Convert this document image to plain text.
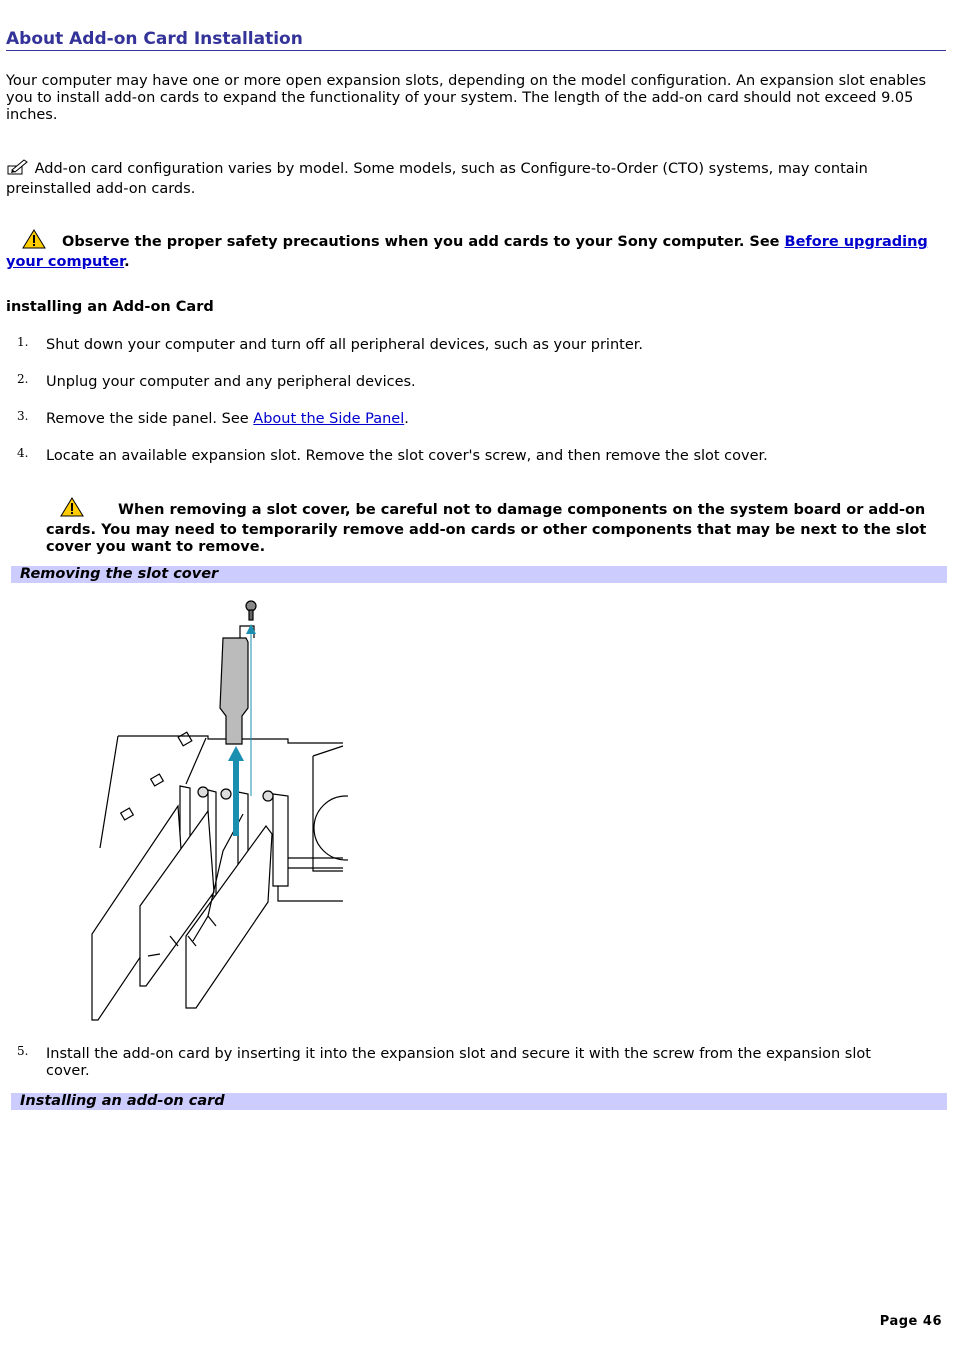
About Add-on Card Installation

Your computer may have one or more open expansion slots, depending on the model configuration. An expansion slot enables you to install add-on cards to expand the functionality of your system. The length of the add-on card should not exceed 9.05 inches.

Add-on card configuration varies by model. Some models, such as Configure-to-Order (CTO) systems, may contain preinstalled add-on cards.

Observe the proper safety precautions when you add cards to your Sony computer. See Before upgrading your computer.

installing an Add-on Card
1. Shut down your computer and turn off all peripheral devices, such as your printer.
2. Unplug your computer and any peripheral devices.
3. Remove the side panel. See About the Side Panel.
4. Locate an available expansion slot. Remove the slot cover's screw, and then remove the slot cover.
When removing a slot cover, be careful not to damage components on the system board or add-on cards. You may need to temporarily remove add-on cards or other components that may be next to the slot cover you want to remove.
Removing the slot cover
5. Install the add-on card by inserting it into the expansion slot and secure it with the screw from the expansion slot cover.
Installing an add-on card
Page 46
